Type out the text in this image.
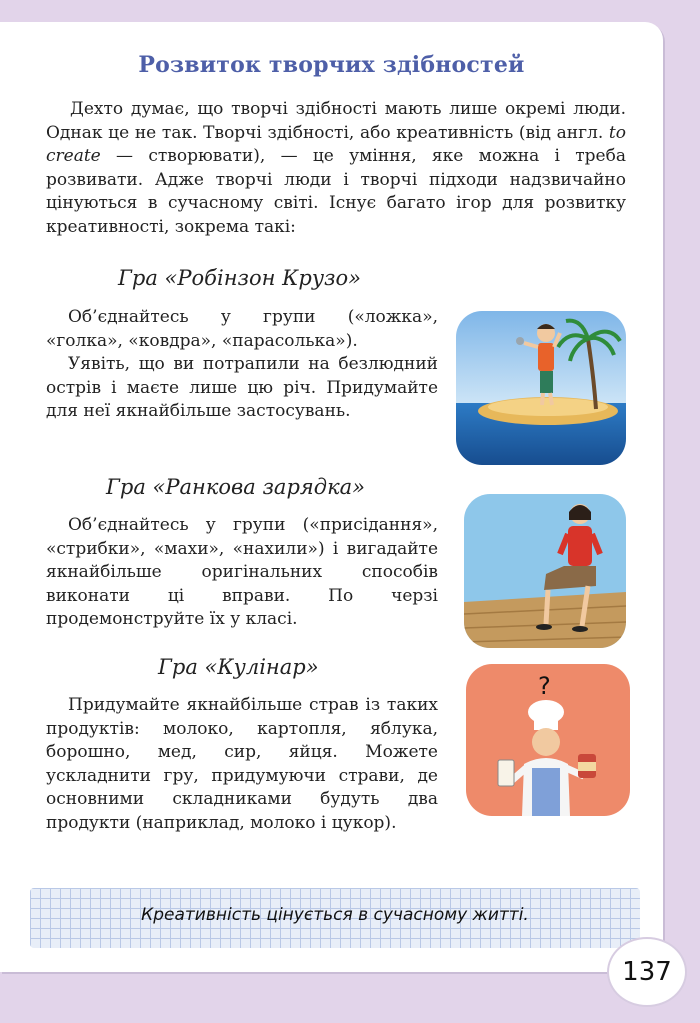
Розвиток творчих здібностей
Дехто думає, що творчі здібності мають лише окремі люди. Однак це не так. Творчі здібності, або креативність (від англ. to create — створювати), — це уміння, яке можна і треба розвивати. Адже творчі люди і творчі підходи надзвичайно цінуються в сучасному світі. Існує багато ігор для розвитку креативності, зокрема такі:
Гра «Робінзон Крузо»

Об’єднайтесь у групи («ложка», «голка», «ковдра», «парасолька»).

Уявіть, що ви потрапили на безлюдний острів і маєте лише цю річ. Придумайте для неї якнайбільше застосувань.

Гра «Ранкова зарядка»

Об’єднайтесь у групи («присідання», «стрибки», «махи», «нахили») і вигадайте якнайбільше оригінальних способів виконати ці вправи. По черзі продемонструйте їх у класі.

Гра «Кулінар»

Придумайте якнайбільше страв із таких продуктів: молоко, картопля, яблука, борошно, мед, сир, яйця. Можете ускладнити гру, придумуючи страви, де основними складниками будуть два продукти (наприклад, молоко і цукор).

?
Креативність цінується в сучасному житті.
137
